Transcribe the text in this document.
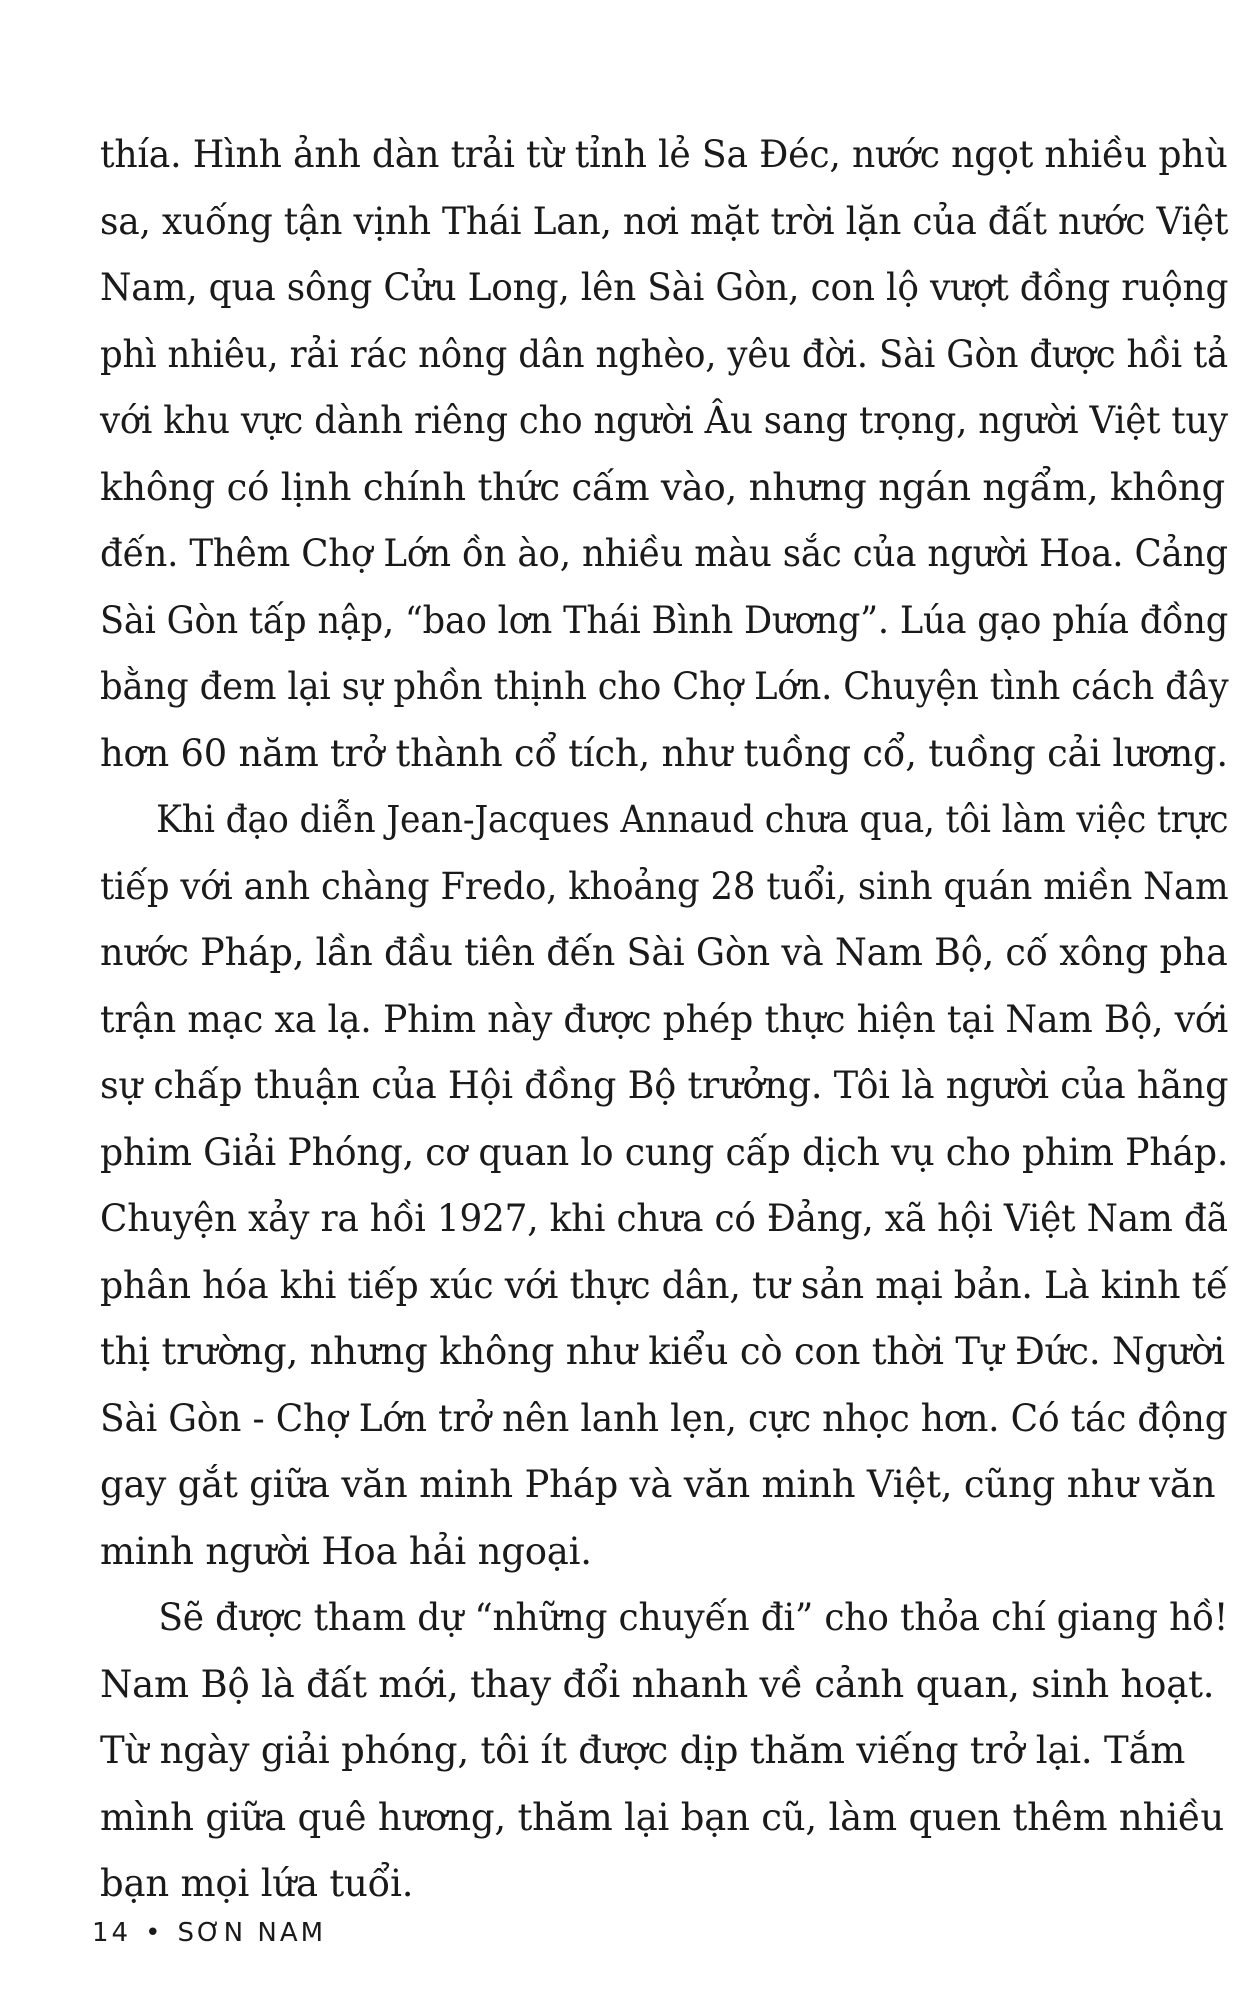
thía. Hình ảnh dàn trải từ tỉnh lẻ Sa Đéc, nước ngọt nhiều phù
sa, xuống tận vịnh Thái Lan, nơi mặt trời lặn của đất nước Việt
Nam, qua sông Cửu Long, lên Sài Gòn, con lộ vượt đồng ruộng
phì nhiêu, rải rác nông dân nghèo, yêu đời. Sài Gòn được hồi tả
với khu vực dành riêng cho người Âu sang trọng, người Việt tuy
không có lịnh chính thức cấm vào, nhưng ngán ngẩm, không
đến. Thêm Chợ Lớn ồn ào, nhiều màu sắc của người Hoa. Cảng
Sài Gòn tấp nập, “bao lơn Thái Bình Dương”. Lúa gạo phía đồng
bằng đem lại sự phồn thịnh cho Chợ Lớn. Chuyện tình cách đây
hơn 60 năm trở thành cổ tích, như tuồng cổ, tuồng cải lương.
Khi đạo diễn Jean-Jacques Annaud chưa qua, tôi làm việc trực
tiếp với anh chàng Fredo, khoảng 28 tuổi, sinh quán miền Nam
nước Pháp, lần đầu tiên đến Sài Gòn và Nam Bộ, cố xông pha
trận mạc xa lạ. Phim này được phép thực hiện tại Nam Bộ, với
sự chấp thuận của Hội đồng Bộ trưởng. Tôi là người của hãng
phim Giải Phóng, cơ quan lo cung cấp dịch vụ cho phim Pháp.
Chuyện xảy ra hồi 1927, khi chưa có Đảng, xã hội Việt Nam đã
phân hóa khi tiếp xúc với thực dân, tư sản mại bản. Là kinh tế
thị trường, nhưng không như kiểu cò con thời Tự Đức. Người
Sài Gòn - Chợ Lớn trở nên lanh lẹn, cực nhọc hơn. Có tác động
gay gắt giữa văn minh Pháp và văn minh Việt, cũng như văn
minh người Hoa hải ngoại.
Sẽ được tham dự “những chuyến đi” cho thỏa chí giang hồ!
Nam Bộ là đất mới, thay đổi nhanh về cảnh quan, sinh hoạt.
Từ ngày giải phóng, tôi ít được dịp thăm viếng trở lại. Tắm
mình giữa quê hương, thăm lại bạn cũ, làm quen thêm nhiều
bạn mọi lứa tuổi.
14 • SƠN NAM
